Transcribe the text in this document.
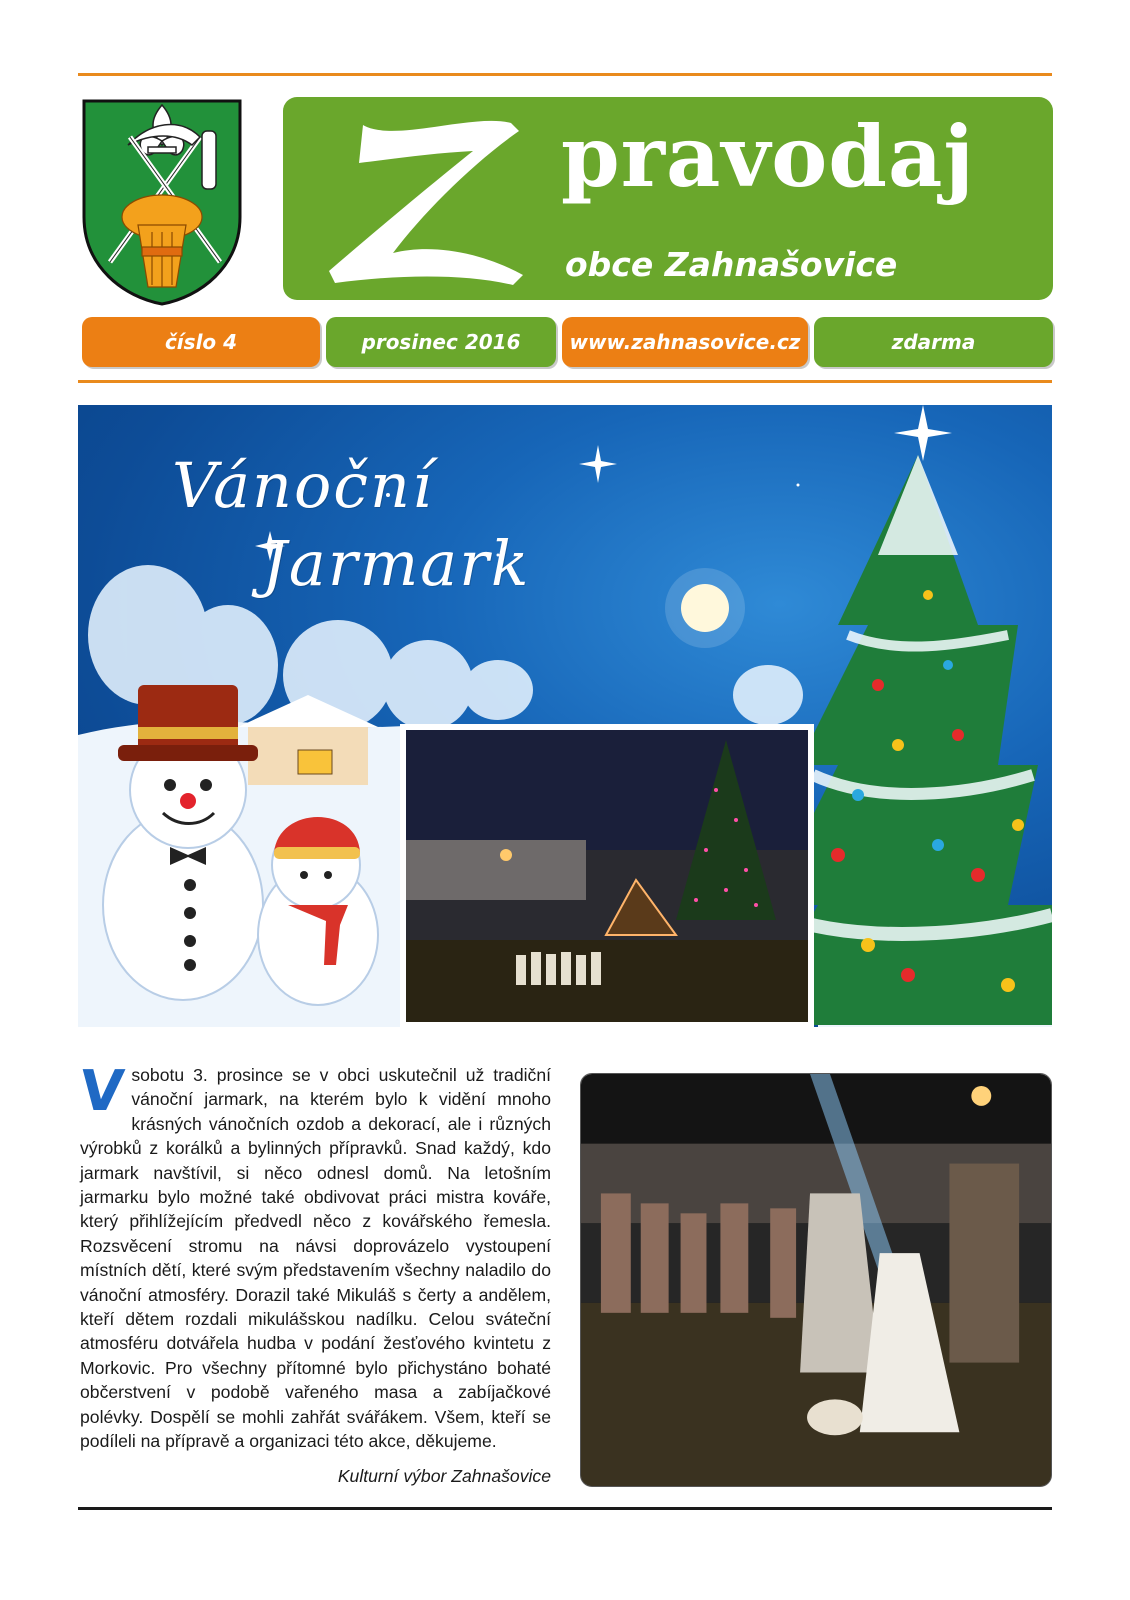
pravodaj
obce Zahnašovice
číslo 4	prosinec 2016	www.zahnasovice.cz	zdarma
Vánoční
Jarmark
Vsobotu 3. prosince se v obci uskutečnil už tradiční vánoční jarmark, na kterém bylo k vidění mnoho krásných vánočních ozdob a dekorací, ale i různých výrobků z korálků a bylinných přípravků. Snad každý, kdo jarmark navštívil, si něco odnesl domů. Na letošním jarmarku bylo možné také obdivovat práci mistra kováře, který přihlížejícím předvedl něco z kovářského řemesla. Rozsvěcení stromu na návsi doprovázelo vystoupení místních dětí, které svým představením všechny naladilo do vánoční atmosféry. Dorazil také Mikuláš s čerty a andělem, kteří dětem rozdali mikulášskou nadílku. Celou sváteční atmosféru dotvářela hudba v podání žesťového kvintetu z Morkovic. Pro všechny přítomné bylo přichystáno bohaté občerstvení v podobě vařeného masa a zabíjačkové polévky. Dospělí se mohli zahřát svářákem. Všem, kteří se podíleli na přípravě a organizaci této akce, děkujeme.
Kulturní výbor Zahnašovice
